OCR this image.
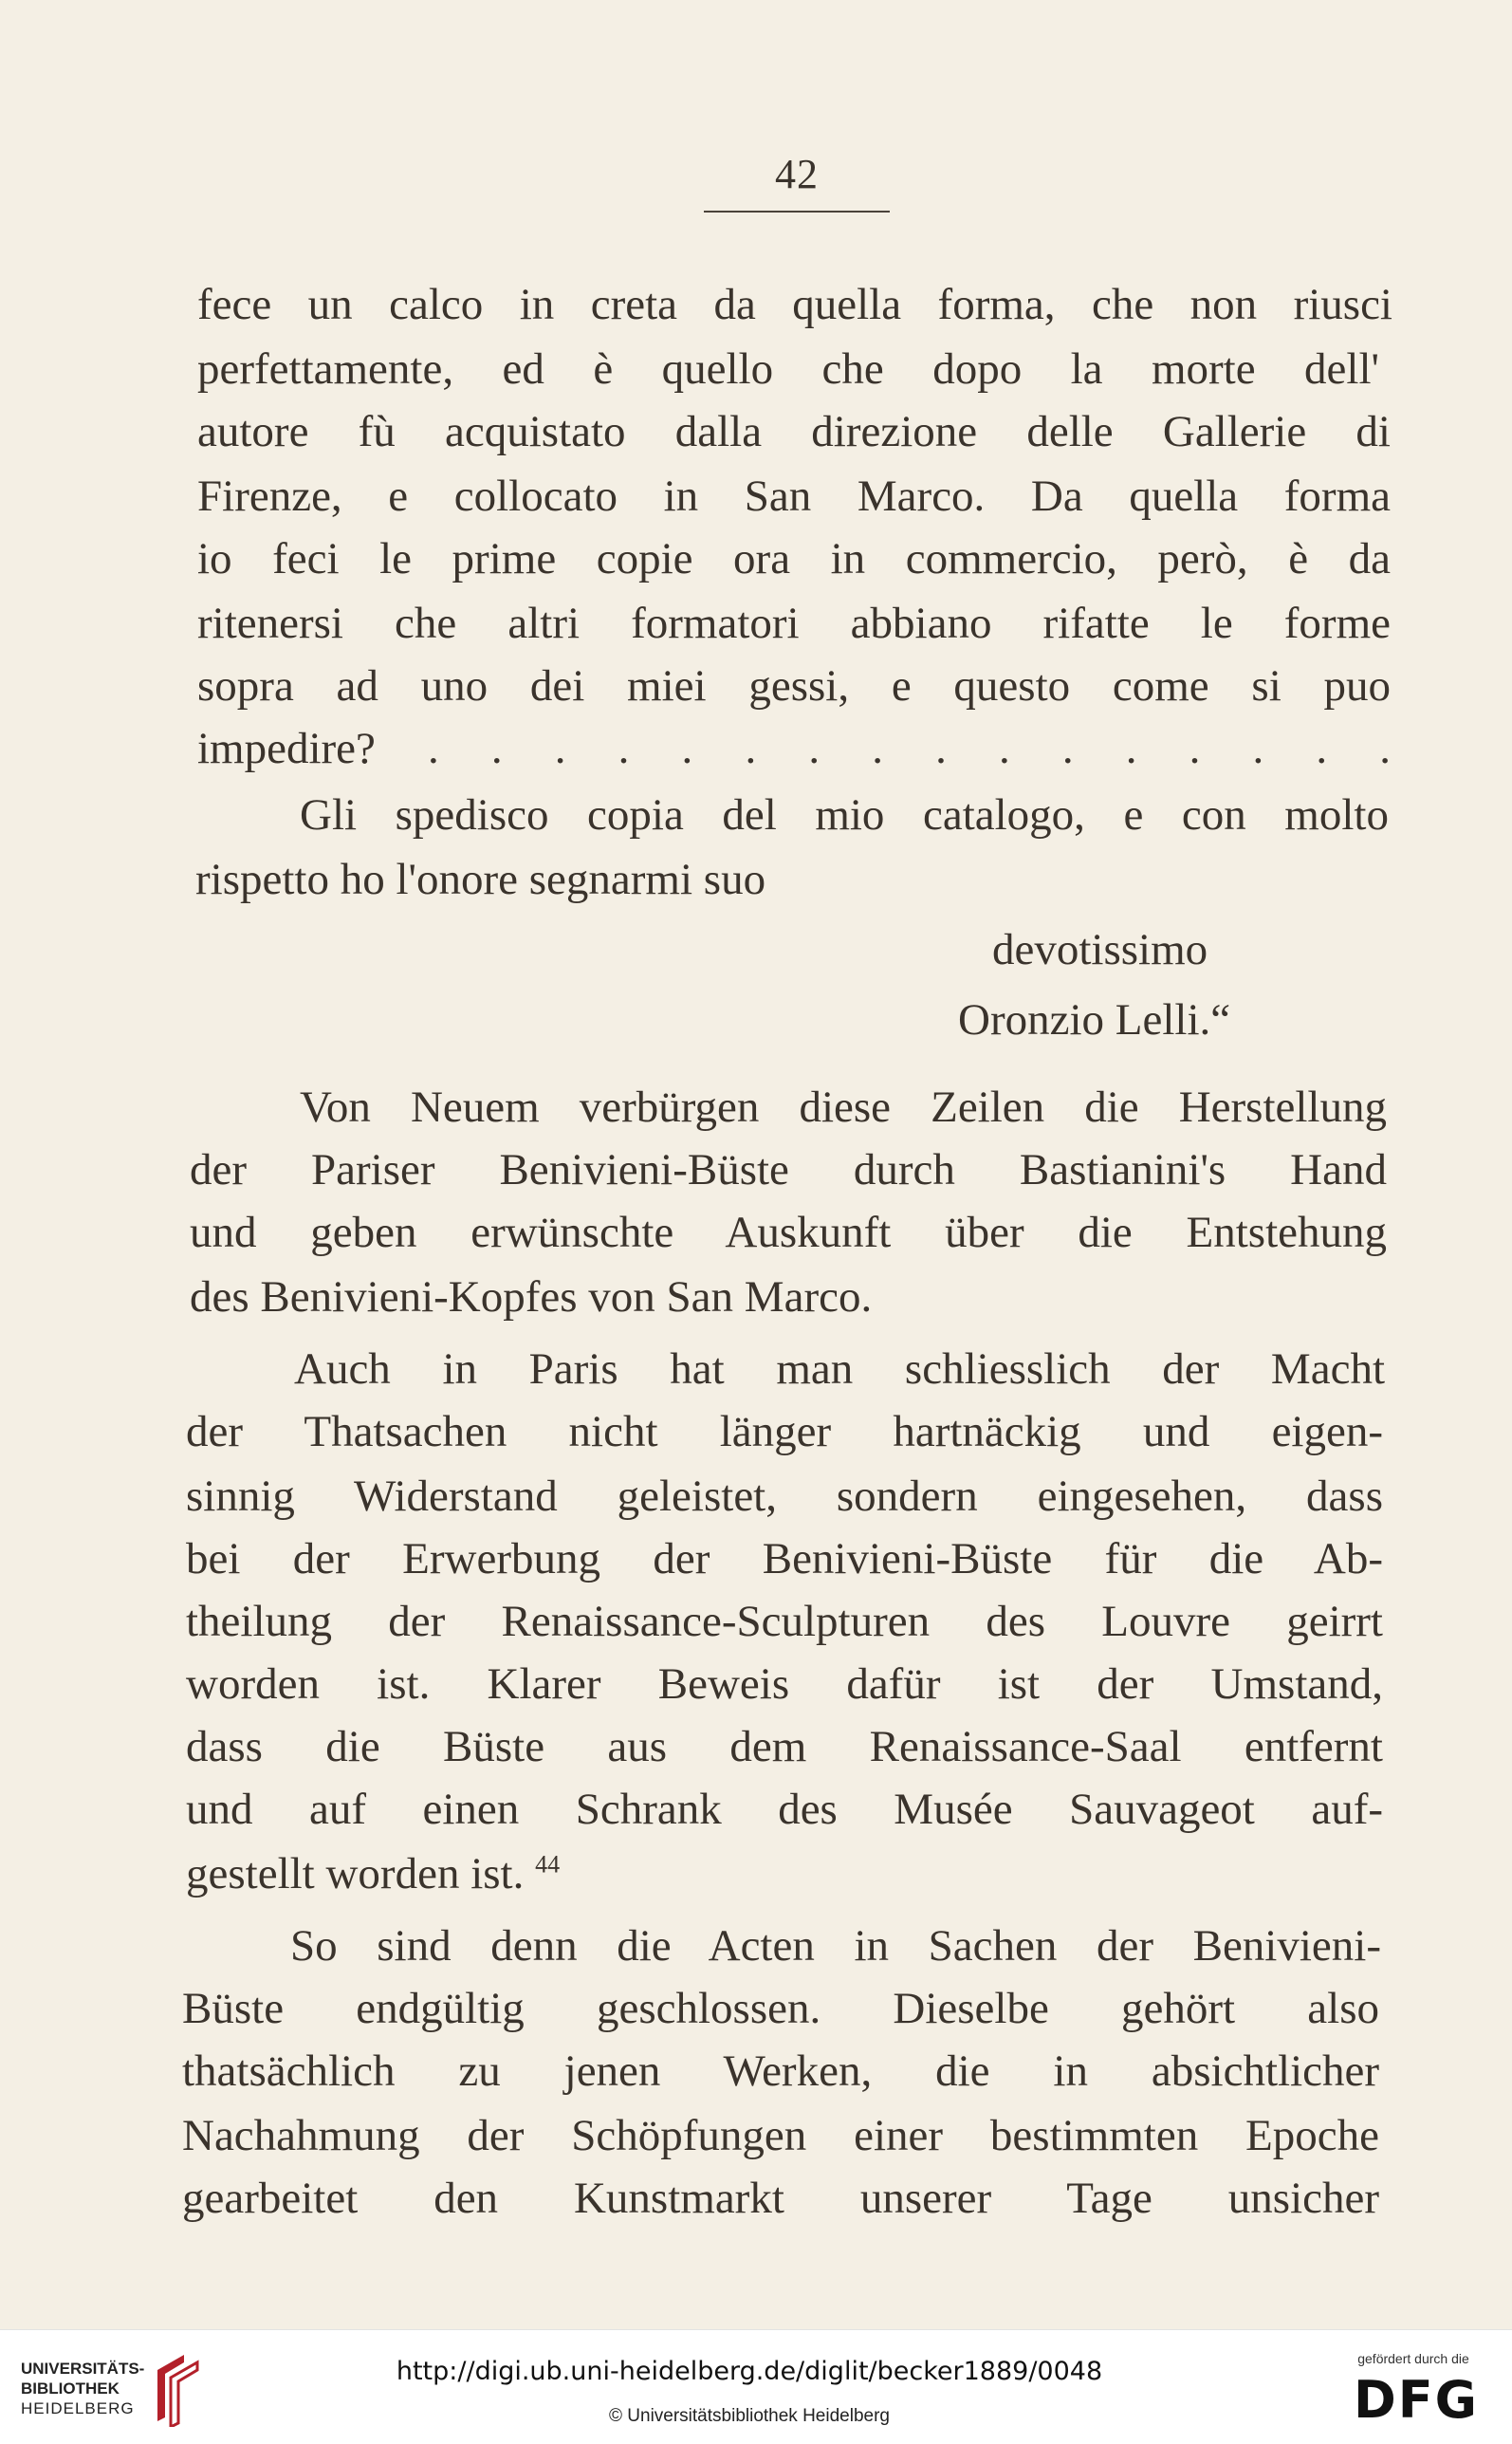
42
fece un calco in creta da quella forma, che non riusci
perfettamente, ed è quello che dopo la morte dell'
autore fù acquistato dalla direzione delle Gallerie di
Firenze, e collocato in San Marco. Da quella forma
io feci le prime copie ora in commercio, però, è da
ritenersi che altri formatori abbiano rifatte le forme
sopra ad uno dei miei gessi, e questo come si puo
impedire? . . . . . . . . . . . . . . . .
Gli spedisco copia del mio catalogo, e con molto
rispetto ho l'onore segnarmi suo
devotissimo
Oronzio Lelli.“
Von Neuem verbürgen diese Zeilen die Herstellung
der Pariser Benivieni-Büste durch Bastianini's Hand
und geben erwünschte Auskunft über die Entstehung
des Benivieni-Kopfes von San Marco.
Auch in Paris hat man schliesslich der Macht
der Thatsachen nicht länger hartnäckig und eigen-
sinnig Widerstand geleistet, sondern eingesehen, dass
bei der Erwerbung der Benivieni-Büste für die Ab-
theilung der Renaissance-Sculpturen des Louvre geirrt
worden ist. Klarer Beweis dafür ist der Umstand,
dass die Büste aus dem Renaissance-Saal entfernt
und auf einen Schrank des Musée Sauvageot auf-
gestellt worden ist. $^{44}$
So sind denn die Acten in Sachen der Benivieni-
Büste endgültig geschlossen. Dieselbe gehört also
thatsächlich zu jenen Werken, die in absichtlicher
Nachahmung der Schöpfungen einer bestimmten Epoche
gearbeitet den Kunstmarkt unserer Tage unsicher
UNIVERSITÄTS-
BIBLIOTHEK
HEIDELBERG
http://digi.ub.uni-heidelberg.de/diglit/becker1889/0048
© Universitätsbibliothek Heidelberg
gefördert durch die
DFG
